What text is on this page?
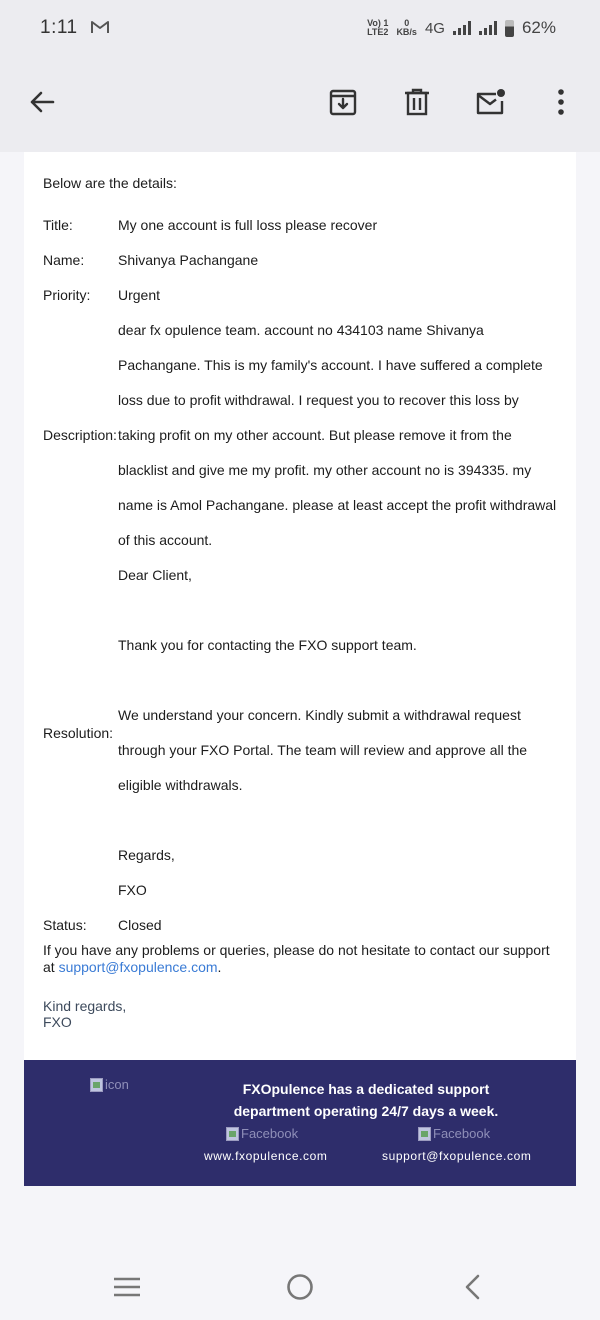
1:11	Vo) 1
LTE2
0
KB/s 4G	62%
Below are the details:
Title:	My one account is full loss please recover
Name: Shivanya Pachangane
Priority: Urgent
Description:
dear fx opulence team. account no 434103 name Shivanya
Pachangane. This is my family's account. I have suffered a complete
loss due to profit withdrawal. I request you to recover this loss by
taking profit on my other account. But please remove it from the
blacklist and give me my profit. my other account no is 394335. my
name is Amol Pachangane. please at least accept the profit withdrawal
of this account.
Resolution:
Dear Client,
Thank you for contacting the FXO support team.
We understand your concern. Kindly submit a withdrawal request
through your FXO Portal. The team will review and approve all the
eligible withdrawals.
Regards,
FXO
Status: Closed
If you have any problems or queries, please do not hesitate to contact our support at support@fxopulence.com.
Kind regards,
FXO
icon	FXOpulence has a dedicated support
department operating 24/7 days a week.
Facebook	Facebook
www.fxopulence.com	support@fxopulence.com
